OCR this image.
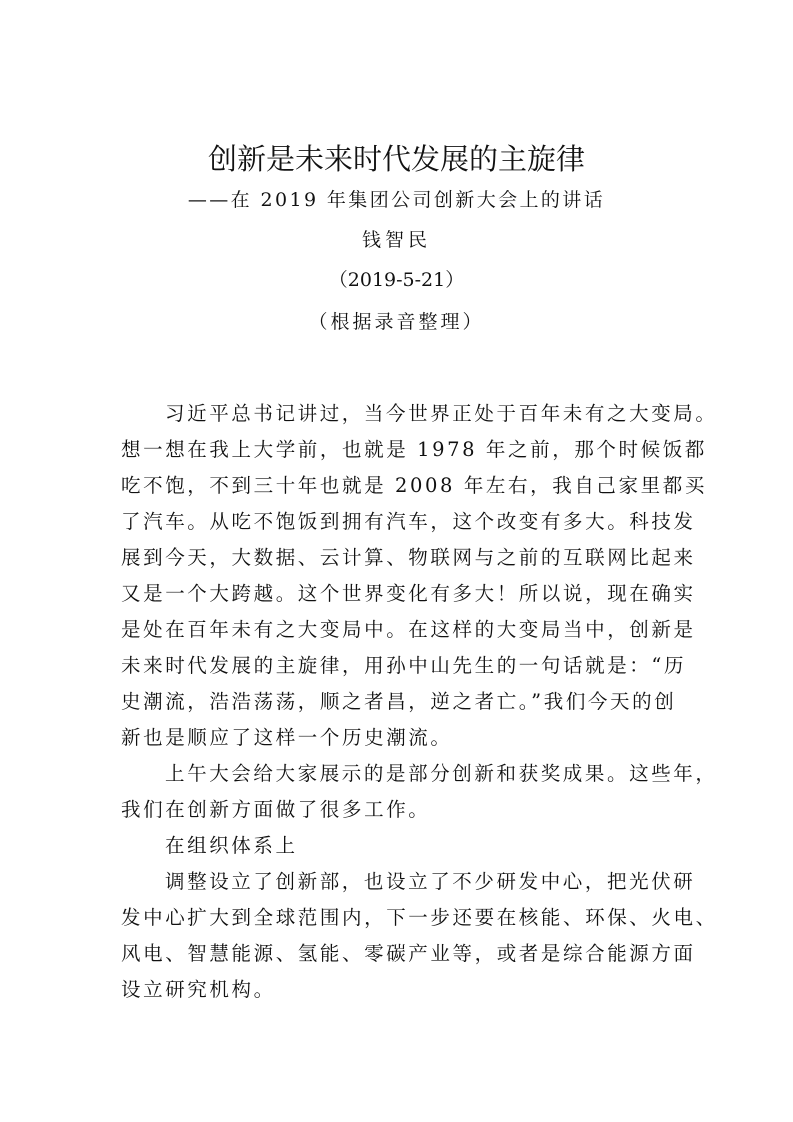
创新是未来时代发展的主旋律
——在 2019 年集团公司创新大会上的讲话
钱智民
（2019-5-21）
（根据录音整理）
习近平总书记讲过，当今世界正处于百年未有之大变局。
想一想在我上大学前，也就是 1978 年之前，那个时候饭都
吃不饱，不到三十年也就是 2008 年左右，我自己家里都买
了汽车。从吃不饱饭到拥有汽车，这个改变有多大。科技发
展到今天，大数据、云计算、物联网与之前的互联网比起来
又是一个大跨越。这个世界变化有多大！所以说，现在确实
是处在百年未有之大变局中。在这样的大变局当中，创新是
未来时代发展的主旋律，用孙中山先生的一句话就是：“历
史潮流，浩浩荡荡，顺之者昌，逆之者亡。”我们今天的创
新也是顺应了这样一个历史潮流。
上午大会给大家展示的是部分创新和获奖成果。这些年，
我们在创新方面做了很多工作。
在组织体系上
调整设立了创新部，也设立了不少研发中心，把光伏研
发中心扩大到全球范围内，下一步还要在核能、环保、火电、
风电、智慧能源、氢能、零碳产业等，或者是综合能源方面
设立研究机构。
